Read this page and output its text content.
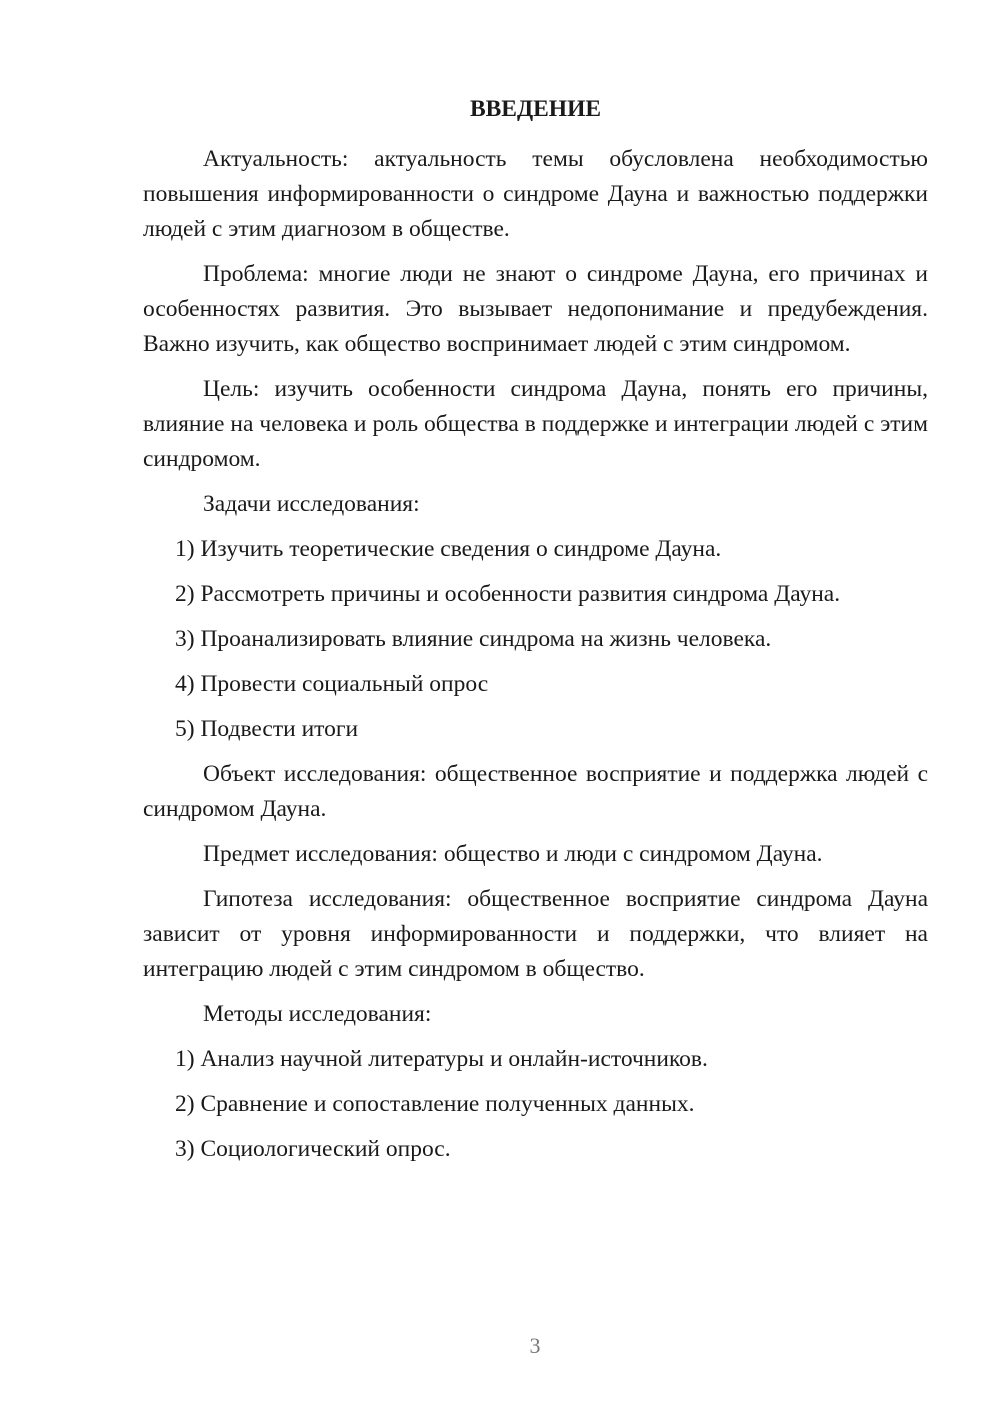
ВВЕДЕНИЕ

Актуальность: актуальность темы обусловлена необходимостью повышения информированности о синдроме Дауна и важностью поддержки людей с этим диагнозом в обществе.

Проблема: многие люди не знают о синдроме Дауна, его причинах и особенностях развития. Это вызывает недопонимание и предубеждения. Важно изучить, как общество воспринимает людей с этим синдромом.

Цель: изучить особенности синдрома Дауна, понять его причины, влияние на человека и роль общества в поддержке и интеграции людей с этим синдромом.

Задачи исследования:
1) Изучить теоретические сведения о синдроме Дауна.
2) Рассмотреть причины и особенности развития синдрома Дауна.
3) Проанализировать влияние синдрома на жизнь человека.
4) Провести социальный опрос
5) Подвести итоги

Объект исследования: общественное восприятие и поддержка людей с синдромом Дауна.

Предмет исследования: общество и люди с синдромом Дауна.

Гипотеза исследования: общественное восприятие синдрома Дауна зависит от уровня информированности и поддержки, что влияет на интеграцию людей с этим синдромом в общество.

Методы исследования:
1) Анализ научной литературы и онлайн-источников.
2) Сравнение и сопоставление полученных данных.
3) Социологический опрос.
3
